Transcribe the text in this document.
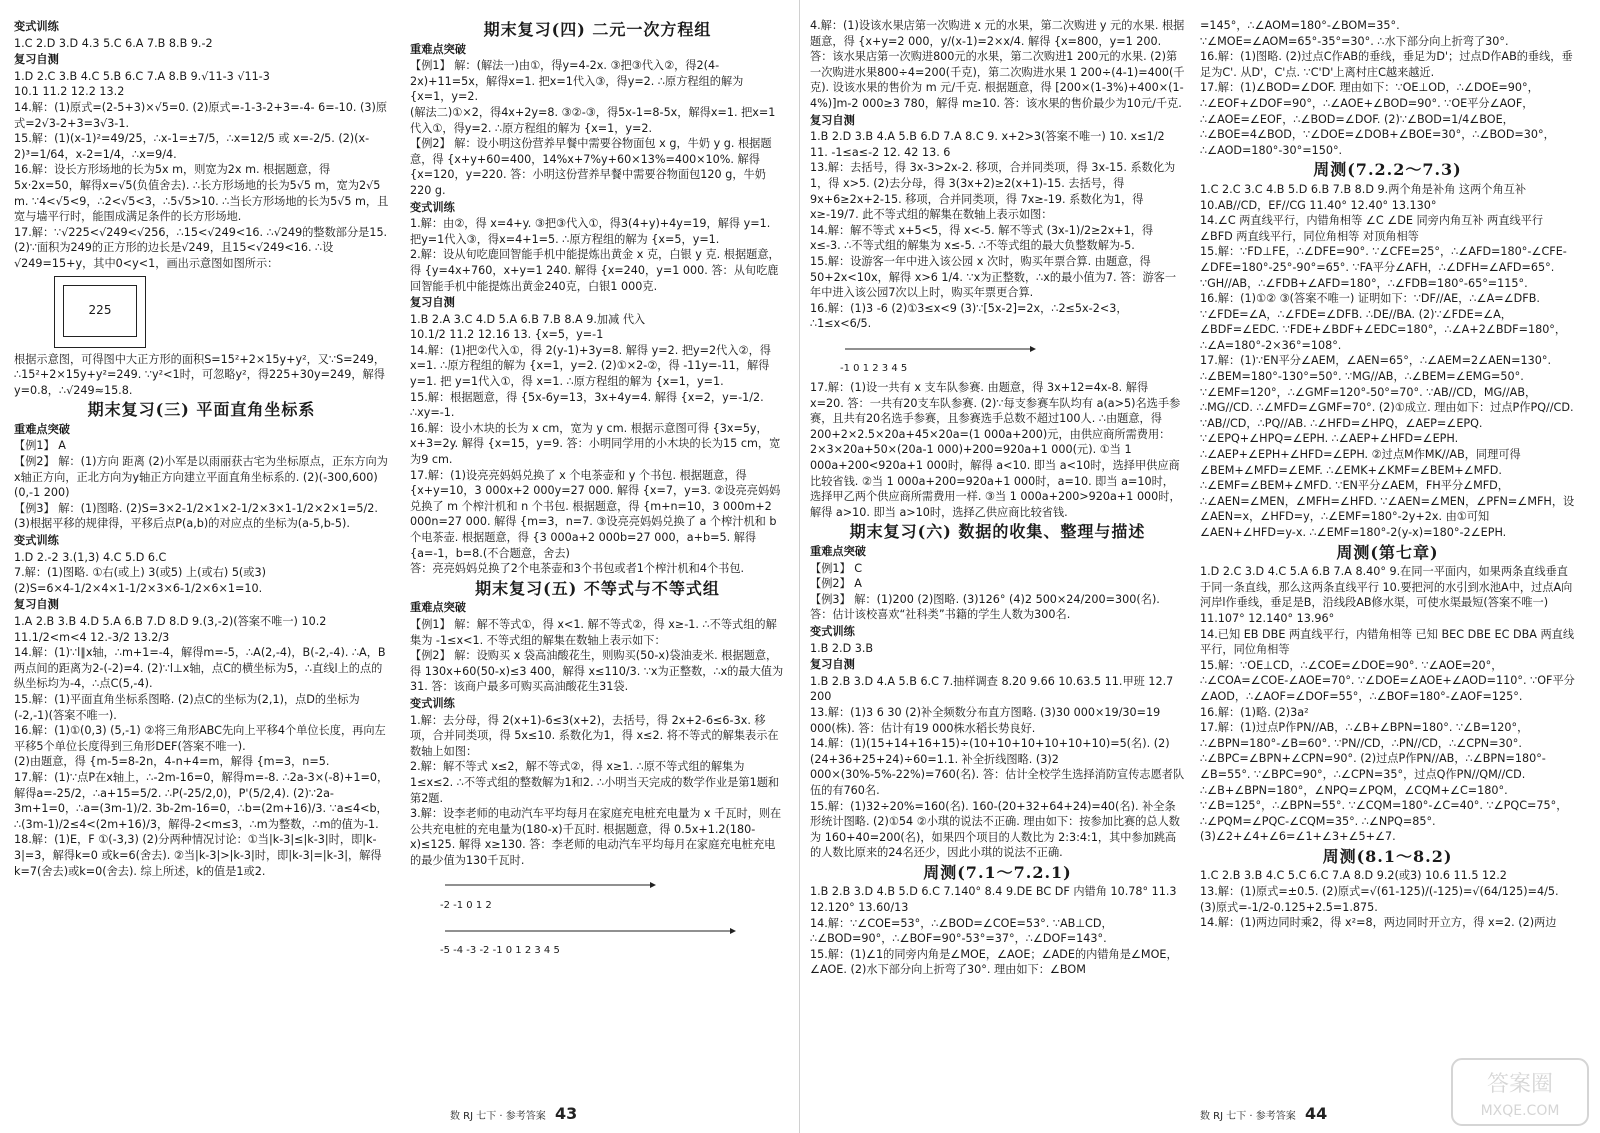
变式训练
1.C 2.D 3.D 4.3 5.C 6.A 7.B 8.B 9.-2
复习自测
1.D 2.C 3.B 4.C 5.B 6.C 7.A 8.B 9.√11-3 √11-3
10.1 11.2 12.2 13.2
14.解：(1)原式=(2-5+3)×√5=0. (2)原式=-1-3-2+3=-4- 6=-10. (3)原式=2√3-2+3=3√3-1.
15.解：(1)(x-1)²=49/25，∴x-1=±7/5，∴x=12/5 或 x=-2/5. (2)(x-2)³=1/64，x-2=1/4，∴x=9/4.
16.解：设长方形场地的长为5x m，则宽为2x m. 根据题意，得5x·2x=50，解得x=√5(负值舍去). ∴长方形场地的长为5√5 m，宽为2√5 m. ∵4<√5<9，∴2<√5<3，∴5√5>10. ∴当长方形场地的长为5√5 m，且宽与墙平行时，能围成满足条件的长方形场地.
17.解：∵√225<√249<√256，∴15<√249<16. ∴√249的整数部分是15. (2)∵面积为249的正方形的边长是√249，且15<√249<16. ∴设√249=15+y，其中0<y<1，画出示意图如图所示：
225
根据示意图，可得图中大正方形的面积S=15²+2×15y+y²，又∵S=249，∴15²+2×15y+y²=249. ∵y²<1时，可忽略y²，得225+30y=249，解得y=0.8，∴√249≈15.8.
期末复习(三) 平面直角坐标系
重难点突破
【例1】 A
【例2】 解：(1)方向 距离 (2)小军是以雨丽获古宅为坐标原点，正东方向为x轴正方向，正北方向为y轴正方向建立平面直角坐标系的. (2)(-300,600) (0,-1 200)
【例3】 解：(1)图略. (2)S=3×2-1/2×1×2-1/2×3×1-1/2×2×1=5/2. (3)根据平移的规律得，平移后点P(a,b)的对应点的坐标为(a-5,b-5).
变式训练
1.D 2.-2 3.(1,3) 4.C 5.D 6.C
7.解：(1)图略. ①右(或上) 3(或5) 上(或右) 5(或3)
(2)S=6×4-1/2×4×1-1/2×3×6-1/2×6×1=10.
复习自测
1.A 2.B 3.B 4.D 5.A 6.B 7.D 8.D 9.(3,-2)(答案不唯一) 10.2 11.1/2<m<4 12.-3/2 13.2/3
14.解：(1)∵l∥x轴，∴m+1=-4，解得m=-5，∴A(2,-4)，B(-2,-4). ∴A，B两点间的距离为2-(-2)=4. (2)∵l⊥x轴，点C的横坐标为5，∴直线l上的点的纵坐标均为-4，∴点C(5,-4).
15.解：(1)平面直角坐标系图略. (2)点C的坐标为(2,1)，点D的坐标为(-2,-1)(答案不唯一).
16.解：(1)①(0,3) (5,-1) ②将三角形ABC先向上平移4个单位长度，再向左平移5个单位长度得到三角形DEF(答案不唯一).
(2)由题意，得 {m-5=8-2n，4-n+4=m，解得 {m=3，n=5.
17.解：(1)∵点P在x轴上，∴-2m-16=0，解得m=-8. ∴2a-3×(-8)+1=0，解得a=-25/2，∴a+15=5/2. ∴P(-25/2,0)，P'(5/2,4). (2)∵2a-3m+1=0，∴a=(3m-1)/2. 3b-2m-16=0，∴b=(2m+16)/3. ∵a≤4<b，∴(3m-1)/2≤4<(2m+16)/3，解得-2<m≤3，∴m为整数，∴m的值为-1.
18.解：(1)E，F ①(-3,3) (2)分两种情况讨论：①当|k-3|≤|k-3|时，即|k-3|=3，解得k=0 或k=6(舍去). ②当|k-3|>|k-3|时，即|k-3|=|k-3|，解得k=7(舍去)或k=0(舍去). 综上所述，k的值是1或2.
期末复习(四) 二元一次方程组
重难点突破
【例1】 解：(解法一)由①，得y=4-2x. ③把③代入②，得2(4-2x)+11=5x，解得x=1. 把x=1代入③，得y=2. ∴原方程组的解为 {x=1，y=2.
(解法二)①×2，得4x+2y=8. ③②-③，得5x-1=8-5x，解得x=1. 把x=1代入①，得y=2. ∴原方程组的解为 {x=1，y=2.
【例2】 解：设小明这份营养早餐中需要谷物面包 x g，牛奶 y g. 根据题意，得 {x+y+60=400，14%x+7%y+60×13%=400×10%. 解得 {x=120，y=220. 答：小明这份营养早餐中需要谷物面包120 g，牛奶 220 g.
变式训练
1.解：由②，得 x=4+y. ③把③代入①，得3(4+y)+4y=19，解得 y=1. 把y=1代入③，得x=4+1=5. ∴原方程组的解为 {x=5，y=1.
2.解：设从旬吃鹿回智能手机中能提炼出黄金 x 克，白银 y 克. 根据题意，得 {y=4x+760，x+y=1 240. 解得 {x=240，y=1 000. 答：从旬吃鹿回智能手机中能提炼出黄金240克，白银1 000克.
复习自测
1.B 2.A 3.C 4.D 5.A 6.B 7.B 8.A 9.加减 代入
10.1/2 11.2 12.16 13. {x=5，y=-1
14.解：(1)把②代入①，得 2(y-1)+3y=8. 解得 y=2. 把y=2代入②，得 x=1. ∴原方程组的解为 {x=1，y=2. (2)①×2-②，得 -11y=-11，解得 y=1. 把 y=1代入①，得 x=1. ∴原方程组的解为 {x=1，y=1.
15.解：根据题意，得 {5x-6y=13，3x+4y=4. 解得 {x=2，y=-1/2. ∴xy=-1.
16.解：设小木块的长为 x cm，宽为 y cm. 根据示意图可得 {3x=5y，x+3=2y. 解得 {x=15，y=9. 答：小明同学用的小木块的长为15 cm，宽为9 cm.
17.解：(1)设亮亮妈妈兑换了 x 个电茶壶和 y 个书包. 根据题意，得 {x+y=10，3 000x+2 000y=27 000. 解得 {x=7，y=3. ②设亮亮妈妈兑换了 m 个榨汁机和 n 个书包. 根据题意，得 {m+n=10，3 000m+2 000n=27 000. 解得 {m=3，n=7. ③设亮亮妈妈兑换了 a 个榨汁机和 b 个电茶壶. 根据题意，得 {3 000a+2 000b=27 000，a+b=5. 解得 {a=-1，b=8.(不合题意，舍去)
答：亮亮妈妈兑换了2个电茶壶和3个书包或者1个榨汁机和4个书包.
期末复习(五) 不等式与不等式组
重难点突破
【例1】 解：解不等式①，得 x<1. 解不等式②，得 x≥-1. ∴不等式组的解集为 -1≤x<1. 不等式组的解集在数轴上表示如下：
【例2】 解：设购买 x 袋高油酸花生，则购买(50-x)袋油麦米. 根据题意，得 130x+60(50-x)≤3 400，解得 x≤110/3. ∵x为正整数，∴x的最大值为31. 答：该商户最多可购买高油酸花生31袋.
变式训练
1.解：去分母，得 2(x+1)-6≤3(x+2)，去括号，得 2x+2-6≤6-3x. 移项，合并同类项，得 5x≤10. 系数化为1，得 x≤2. 将不等式的解集表示在数轴上如图：
2.解：解不等式 x≤2，解不等式②，得 x≥1. ∴原不等式组的解集为 1≤x≤2. ∴不等式组的整数解为1和2. ∴小明当天完成的数学作业是第1题和第2题.
3.解：设李老师的电动汽车平均每月在家庭充电桩充电量为 x 千瓦时，则在公共充电桩的充电量为(180-x)千瓦时. 根据题意，得 0.5x+1.2(180-x)≤125. 解得 x≥130. 答：李老师的电动汽车平均每月在家庭充电桩充电的最少值为130千瓦时.
-2 -1 0 1 2
-5 -4 -3 -2 -1 0 1 2 3 4 5
数 RJ 七下 · 参考答案 43
4.解：(1)设该水果店第一次购进 x 元的水果，第二次购进 y 元的水果. 根据题意，得 {x+y=2 000，y/(x-1)=2×x/4. 解得 {x=800，y=1 200. 答：该水果店第一次购进800元的水果，第二次购进1 200元的水果. (2)第一次购进水果800÷4=200(千克)，第二次购进水果 1 200÷(4-1)=400(千克). 设该水果的售价为 m 元/千克. 根据题意，得 [200×(1-3%)+400×(1-4%)]m-2 000≥3 780，解得 m≥10. 答：该水果的售价最少为10元/千克.
复习自测
1.B 2.D 3.B 4.A 5.B 6.D 7.A 8.C 9. x+2>3(答案不唯一) 10. x≤1/2 11. -1≤a≤-2 12. 42 13. 6
13.解：去括号，得 3x-3>2x-2. 移项，合并同类项，得 3x-15. 系数化为1，得 x>5. (2)去分母，得 3(3x+2)≥2(x+1)-15. 去括号，得 9x+6≥2x+2-15. 移项，合并同类项，得 7x≥-19. 系数化为1，得 x≥-19/7. 此不等式组的解集在数轴上表示如图：
14.解：解不等式 x+5<5，得 x<-5. 解不等式 (3x-1)/2≥2x+1，得 x≤-3. ∴不等式组的解集为 x≤-5. ∴不等式组的最大负整数解为-5.
15.解：设游客一年中进入该公园 x 次时，购买年票合算. 由题意，得 50+2x<10x，解得 x>6 1/4. ∵x为正整数，∴x的最小值为7. 答：游客一年中进入该公园7次以上时，购买年票更合算.
16.解：(1)3 -6 (2)①3≤x<9 (3)∵[5x-2]=2x，∴2≤5x-2<3，∴1≤x<6/5.
-1 0 1 2 3 4 5
17.解：(1)设一共有 x 支车队参赛. 由题意，得 3x+12=4x-8. 解得 x=20. 答：一共有20支车队参赛. (2)∵每支参赛车队均有 a(a>5)名选手参赛，且共有20名选手参赛，且参赛选手总数不超过100人. ∴由题意，得 200+2×2.5×20a+45×20a=(1 000a+200)元，由供应商所需费用：2×3×20a+50×(20a-1 000)+200=920a+1 000(元). ①当 1 000a+200<920a+1 000时，解得 a<10. 即当 a<10时，选择甲供应商比较省钱. ②当 1 000a+200=920a+1 000时，a=10. 即当 a=10时，选择甲乙两个供应商所需费用一样. ③当 1 000a+200>920a+1 000时，解得 a>10. 即当 a>10时，选择乙供应商比较省钱.
期末复习(六) 数据的收集、整理与描述
重难点突破
【例1】 C
【例2】 A
【例3】 解：(1)200 (2)图略. (3)126° (4)2 500×24/200=300(名). 答：估计该校喜欢“社科类”书籍的学生人数为300名.
变式训练
1.B 2.D 3.B
复习自测
1.B 2.B 3.D 4.A 5.B 6.C 7.抽样调查 8.20 9.66 10.63.5 11.甲班 12.7 200
13.解：(1)3 6 30 (2)补全频数分布直方图略. (3)30 000×19/30=19 000(株). 答：估计有19 000株水稻长势良好.
14.解：(1)(15+14+16+15)÷(10+10+10+10+10+10)=5(名). (2)(24+36+25+24)÷60=1.1. 补全折线图略. (3)2 000×(30%-5%-22%)=760(名). 答：估计全校学生选择消防宣传志愿者队伍的有760名.
15.解：(1)32÷20%=160(名). 160-(20+32+64+24)=40(名). 补全条形统计图略. (2)①54 ②小琪的说法不正确. 理由如下：按参加比赛的总人数为 160+40=200(名)，如果四个项目的人数比为 2:3:4:1，其中参加跳高的人数比原来的24名还少，因此小琪的说法不正确.
周测(7.1～7.2.1)
1.B 2.B 3.D 4.B 5.D 6.C 7.140° 8.4 9.DE BC DF 内错角 10.78° 11.3 12.120° 13.60/13
14.解：∵∠COE=53°，∴∠BOD=∠COE=53°. ∵AB⊥CD，∴∠BOD=90°，∴∠BOF=90°-53°=37°，∴∠DOF=143°.
15.解：(1)∠1的同旁内角是∠MOE，∠AOE；∠ADE的内错角是∠MOE，∠AOE. (2)水下部分向上折弯了30°. 理由如下：∠BOM
=145°，∴∠AOM=180°-∠BOM=35°. ∵∠MOE=∠AOM=65°-35°=30°. ∴水下部分向上折弯了30°.
16.解：(1)图略. (2)过点C作AB的垂线，垂足为D'；过点D作AB的垂线，垂足为C'. 从D'，C'点. ∵C'D'上离村庄C越来越近.
17.解：(1)∠BOD=∠DOF. 理由如下：∵OE⊥OD，∴∠DOE=90°，∴∠EOF+∠DOF=90°，∴∠AOE+∠BOD=90°. ∵OE平分∠AOF，∴∠AOE=∠EOF，∴∠BOD=∠DOF. (2)∵∠BOD=1/4∠BOE，∴∠BOE=4∠BOD，∵∠DOE=∠DOB+∠BOE=30°，∴∠BOD=30°，∴∠AOD=180°-30°=150°.
周测(7.2.2～7.3)
1.C 2.C 3.C 4.B 5.D 6.B 7.B 8.D 9.两个角是补角 这两个角互补 10.AB//CD，EF//CG 11.40° 12.40° 13.130°
14.∠C 两直线平行，内错角相等 ∠C ∠DE 同旁内角互补 两直线平行 ∠BFD 两直线平行，同位角相等 对顶角相等
15.解：∵FD⊥FE，∴∠DFE=90°. ∵∠CFE=25°，∴∠AFD=180°-∠CFE-∠DFE=180°-25°-90°=65°. ∵FA平分∠AFH，∴∠DFH=∠AFD=65°. ∵GH//AB，∴∠FDB+∠AFD=180°，∴∠FDB=180°-65°=115°.
16.解：(1)①② ③(答案不唯一) 证明如下：∵DF//AE，∴∠A=∠DFB. ∵∠FDE=∠A，∴∠FDE=∠DFB. ∴DE//BA. (2)∵∠FDE=∠A，∠BDF=∠EDC. ∵FDE+∠BDF+∠EDC=180°，∴∠A+2∠BDF=180°，∴∠A=180°-2×36°=108°.
17.解：(1)∵EN平分∠AEM，∠AEN=65°，∴∠AEM=2∠AEN=130°. ∴∠BEM=180°-130°=50°. ∵MG//AB，∴∠BEM=∠EMG=50°. ∵∠EMF=120°，∴∠GMF=120°-50°=70°. ∵AB//CD，MG//AB，∴MG//CD. ∴∠MFD=∠GMF=70°. (2)①成立. 理由如下：过点P作PQ//CD. ∵AB//CD，∴PQ//AB. ∴∠HFD=∠HPQ，∠AEP=∠EPQ. ∵∠EPQ+∠HPQ=∠EPH. ∴∠AEP+∠HFD=∠EPH. ∴∠AEP+∠EPH+∠HFD=∠EPH. ②过点M作MK//AB，同理可得∠BEM+∠MFD=∠EMF. ∴∠EMK+∠KMF=∠BEM+∠MFD. ∴∠EMF=∠BEM+∠MFD. ∵EN平分∠AEM，FH平分∠MFD，∴∠AEN=∠MEN，∠MFH=∠HFD. ∵∠AEN=∠MEN，∠PFN=∠MFH，设∠AEN=x，∠HFD=y，∴∠EMF=180°-2y+2x. 由①可知∠AEN+∠HFD=y-x. ∴∠EMF=180°-2(y-x)=180°-2∠EPH.
周测(第七章)
1.D 2.C 3.D 4.C 5.A 6.B 7.A 8.40° 9.在同一平面内，如果两条直线垂直于同一条直线，那么这两条直线平行 10.要把河的水引到水池A中，过点A向河岸l作垂线，垂足是B，沿线段AB修水渠，可使水渠最短(答案不唯一) 11.107° 12.140° 13.96°
14.已知 EB DBE 两直线平行，内错角相等 已知 BEC DBE EC DBA 两直线平行，同位角相等
15.解：∵OE⊥CD，∴∠COE=∠DOE=90°. ∵∠AOE=20°，∴∠COA=∠COE-∠AOE=70°. ∵∠DOE=∠AOE+∠AOD=110°. ∵OF平分∠AOD，∴∠AOF=∠DOF=55°，∴∠BOF=180°-∠AOF=125°.
16.解：(1)略. (2)3a²
17.解：(1)过点P作PN//AB，∴∠B+∠BPN=180°. ∵∠B=120°，∴∠BPN=180°-∠B=60°. ∵PN//CD，∴PN//CD，∴∠CPN=30°. ∴∠BPC=∠BPN+∠CPN=90°. (2)过点P作PN//AB，∴∠BPN=180°-∠B=55°. ∵∠BPC=90°，∴∠CPN=35°，过点Q作PN//QM//CD. ∴∠B+∠BPN=180°，∠NPQ=∠PQM，∠CQM+∠C=180°. ∵∠B=125°，∴∠BPN=55°. ∵∠CQM=180°-∠C=40°. ∵∠PQC=75°，∴∠PQM=∠PQC-∠CQM=35°. ∴∠NPQ=85°. (3)∠2+∠4+∠6=∠1+∠3+∠5+∠7.
周测(8.1～8.2)
1.C 2.B 3.B 4.C 5.C 6.C 7.A 8.D 9.2(或3) 10.6 11.5 12.2
13.解：(1)原式=±0.5. (2)原式=√(61-125)/(-125)=√(64/125)=4/5. (3)原式=-1/2-0.125+2.5=1.875.
14.解：(1)两边同时乘2，得 x²=8，两边同时开立方，得 x=2. (2)两边
数 RJ 七下 · 参考答案 44
答案圈
MXQE.COM
